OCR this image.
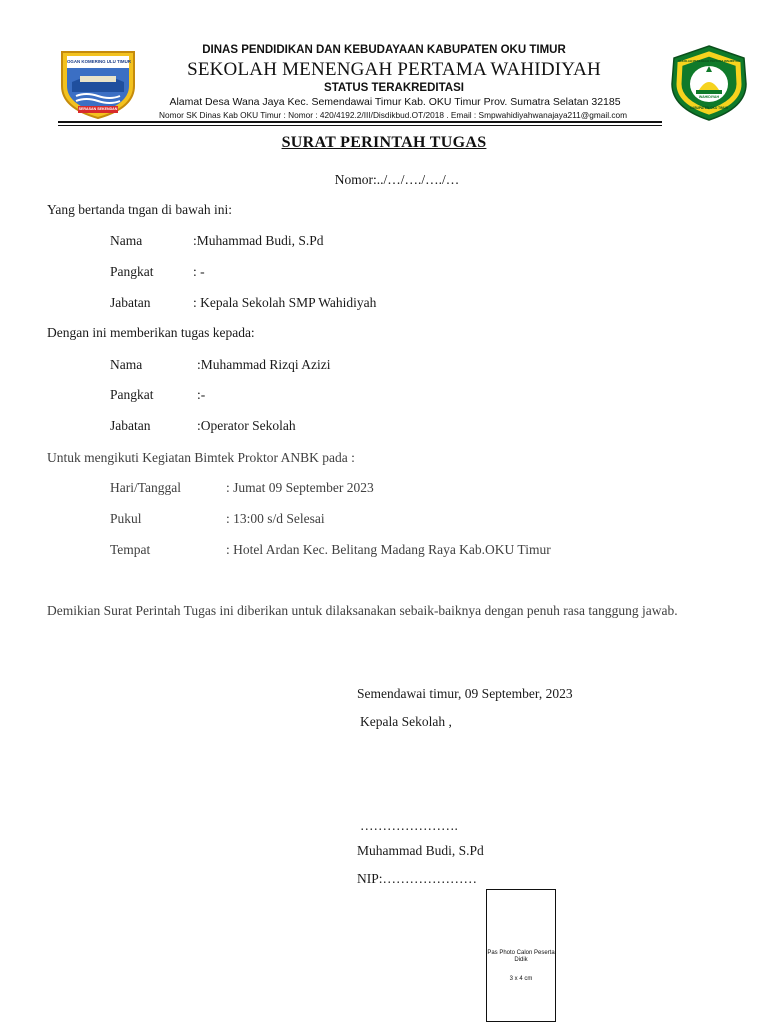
OGAN KOMERING ULU TIMUR
SERASAN SEKENDAN
SEKOLAH MENENGAH PERTAMA WAHIDIYAH
WAHIDIYAH
KABUPATEN OKU TIMUR
DINAS PENDIDIKAN DAN KEBUDAYAAN KABUPATEN OKU TIMUR
SEKOLAH MENENGAH PERTAMA WAHIDIYAH
STATUS TERAKREDITASI
Alamat Desa Wana Jaya Kec. Semendawai Timur Kab. OKU Timur Prov. Sumatra Selatan 32185
Nomor SK Dinas Kab OKU Timur : Nomor : 420/4192.2/III/Disdikbud.OT/2018 . Email : Smpwahidiyahwanajaya211@gmail.com
SURAT PERINTAH TUGAS
Nomor:../…/…./…./…
Yang bertanda tngan di bawah ini:
Nama	:Muhammad Budi, S.Pd
Pangkat	: -
Jabatan	: Kepala Sekolah SMP Wahidiyah
Dengan ini memberikan tugas kepada:
Nama	:Muhammad Rizqi Azizi
Pangkat	:-
Jabatan	:Operator Sekolah
Untuk mengikuti Kegiatan Bimtek Proktor ANBK pada :
Hari/Tanggal	: Jumat 09 September 2023
Pukul	: 13:00 s/d Selesai
Tempat	: Hotel Ardan Kec. Belitang Madang Raya Kab.OKU Timur
Demikian Surat Perintah Tugas ini diberikan untuk dilaksanakan sebaik-baiknya dengan penuh rasa tanggung jawab.
Semendawai timur, 09 September, 2023
Kepala Sekolah ,
………………….
Muhammad Budi, S.Pd
NIP:…………………
Pas Photo Calon Peserta Didik
3 x 4 cm
